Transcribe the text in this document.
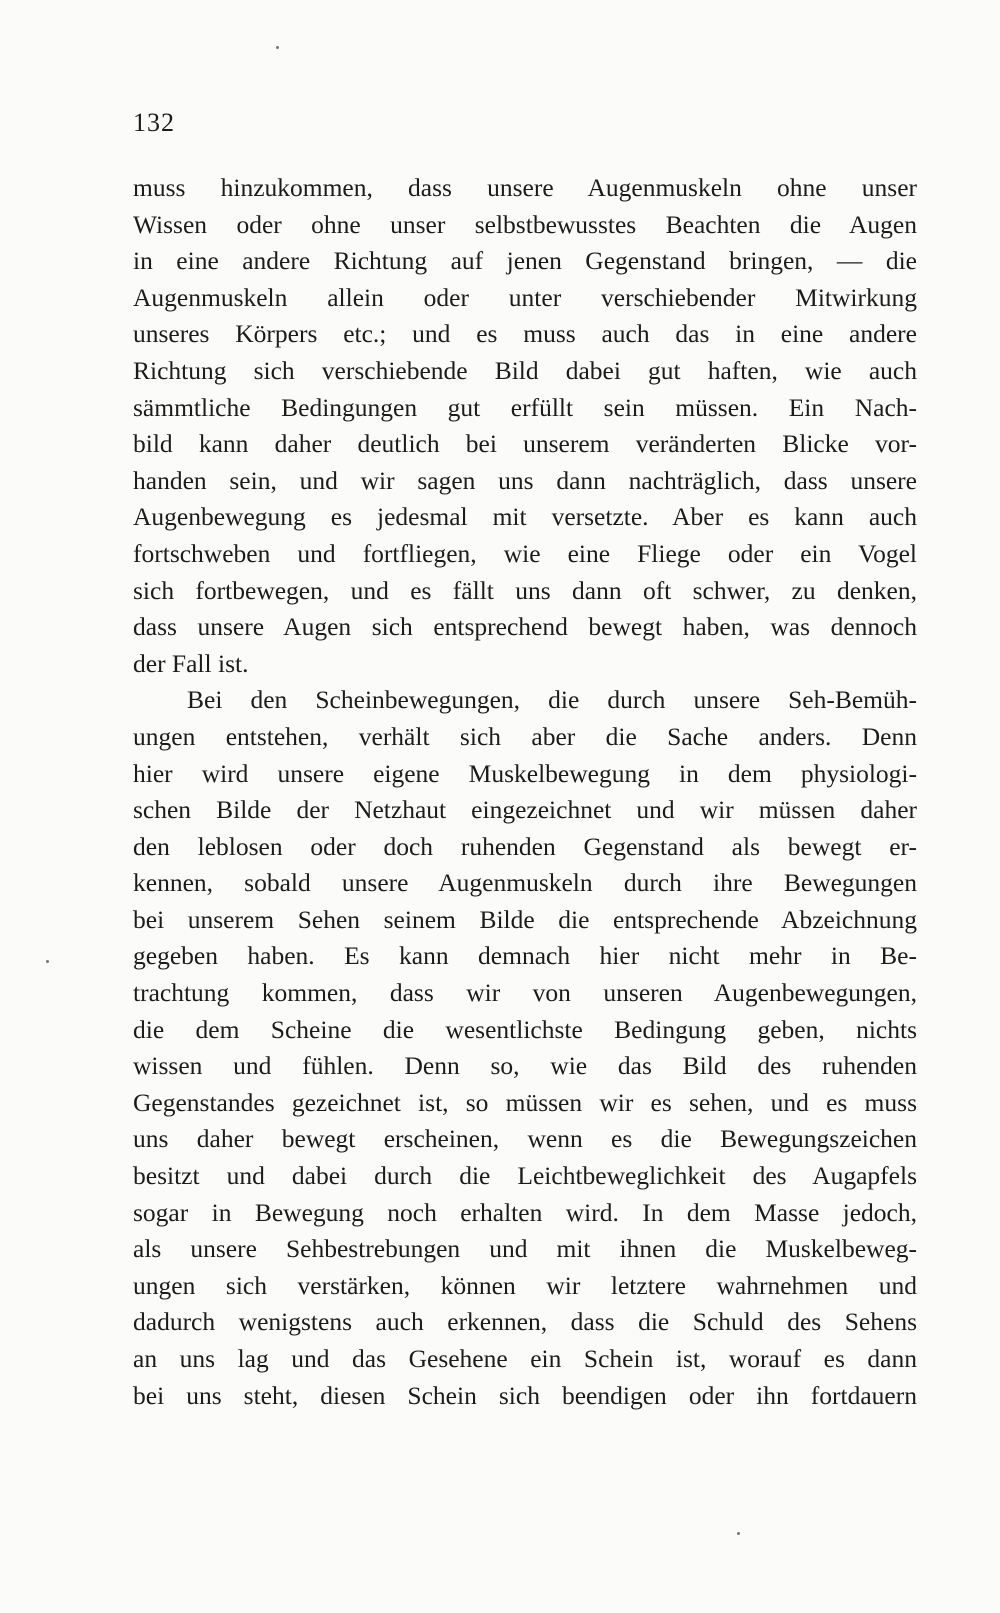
132
muss hinzukommen, dass unsere Augenmuskeln ohne unser
Wissen oder ohne unser selbstbewusstes Beachten die Augen
in eine andere Richtung auf jenen Gegenstand bringen, — die
Augenmuskeln allein oder unter verschiebender Mitwirkung
unseres Körpers etc.; und es muss auch das in eine andere
Richtung sich verschiebende Bild dabei gut haften, wie auch
sämmtliche Bedingungen gut erfüllt sein müssen. Ein Nach-
bild kann daher deutlich bei unserem veränderten Blicke vor-
handen sein, und wir sagen uns dann nachträglich, dass unsere
Augenbewegung es jedesmal mit versetzte. Aber es kann auch
fortschweben und fortfliegen, wie eine Fliege oder ein Vogel
sich fortbewegen, und es fällt uns dann oft schwer, zu denken,
dass unsere Augen sich entsprechend bewegt haben, was dennoch
der Fall ist.
Bei den Scheinbewegungen, die durch unsere Seh-Bemüh-
ungen entstehen, verhält sich aber die Sache anders. Denn
hier wird unsere eigene Muskelbewegung in dem physiologi-
schen Bilde der Netzhaut eingezeichnet und wir müssen daher
den leblosen oder doch ruhenden Gegenstand als bewegt er-
kennen, sobald unsere Augenmuskeln durch ihre Bewegungen
bei unserem Sehen seinem Bilde die entsprechende Abzeichnung
gegeben haben. Es kann demnach hier nicht mehr in Be-
trachtung kommen, dass wir von unseren Augenbewegungen,
die dem Scheine die wesentlichste Bedingung geben, nichts
wissen und fühlen. Denn so, wie das Bild des ruhenden
Gegenstandes gezeichnet ist, so müssen wir es sehen, und es muss
uns daher bewegt erscheinen, wenn es die Bewegungszeichen
besitzt und dabei durch die Leichtbeweglichkeit des Augapfels
sogar in Bewegung noch erhalten wird. In dem Masse jedoch,
als unsere Sehbestrebungen und mit ihnen die Muskelbeweg-
ungen sich verstärken, können wir letztere wahrnehmen und
dadurch wenigstens auch erkennen, dass die Schuld des Sehens
an uns lag und das Gesehene ein Schein ist, worauf es dann
bei uns steht, diesen Schein sich beendigen oder ihn fortdauern
